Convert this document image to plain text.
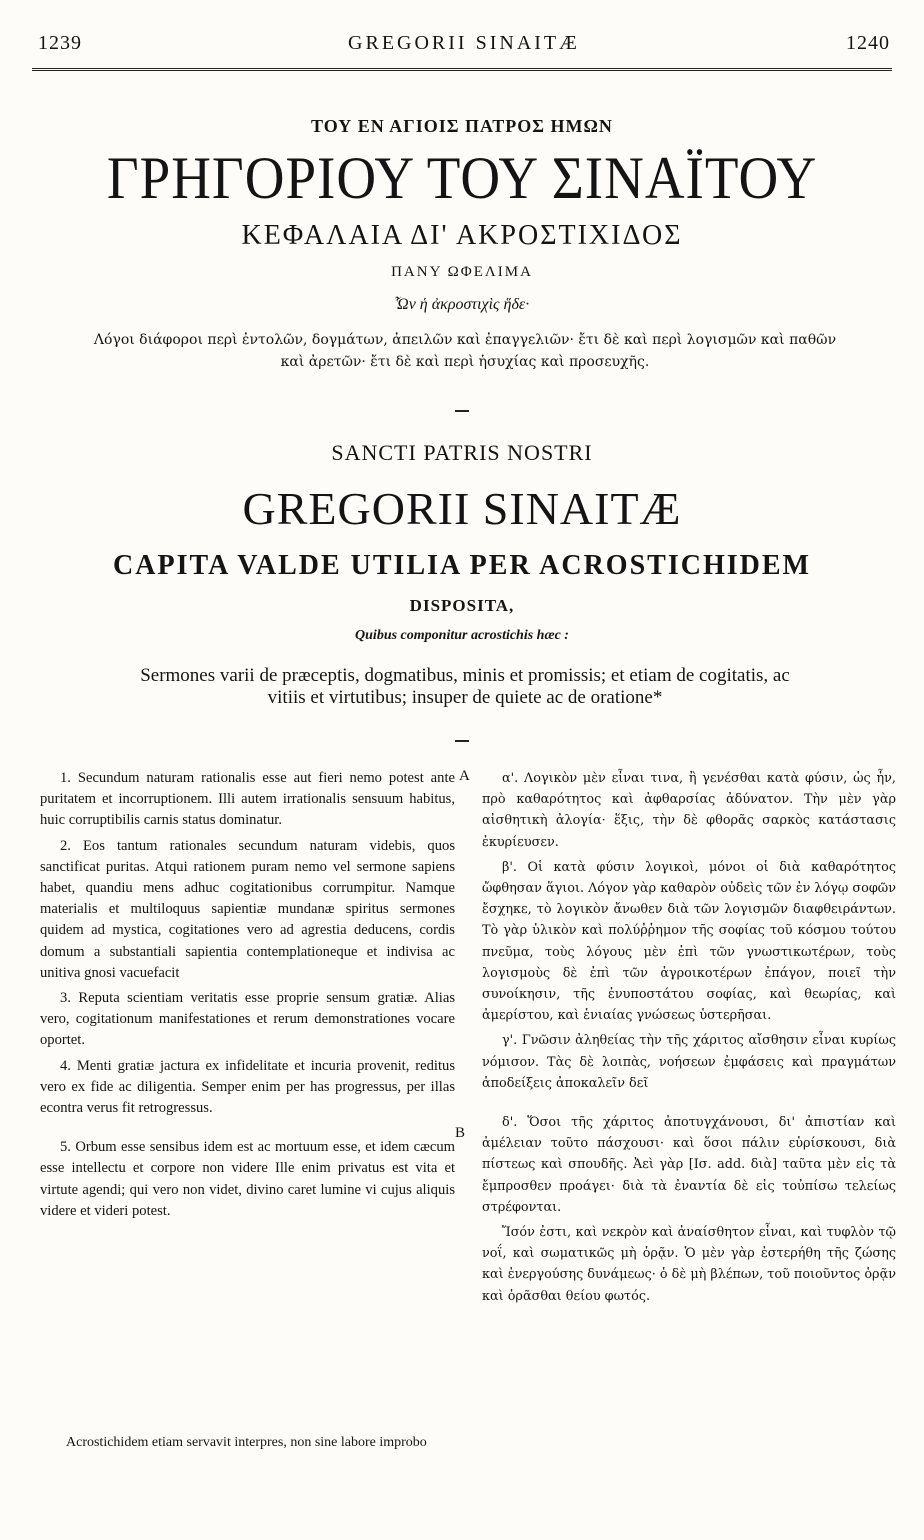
1239	GREGORII SINAITÆ	1240
ΤΟΥ ΕΝ ΑΓΙΟΙΣ ΠΑΤΡΟΣ ΗΜΩΝ
ΓΡΗΓΟΡΙΟΥ ΤΟΥ ΣΙΝΑΪΤΟΥ
ΚΕΦΑΛΑΙΑ ΔΙ' ΑΚΡΟΣΤΙΧΙΔΟΣ
ΠΑΝΥ ΩΦΕΛΙΜΑ
Ὧν ἡ ἀκροστιχὶς ἥδε·
Λόγοι διάφοροι περὶ ἐντολῶν, δογμάτων, ἀπειλῶν καὶ ἐπαγγελιῶν· ἔτι δὲ καὶ περὶ λογισμῶν καὶ παθῶν
καὶ ἀρετῶν· ἔτι δὲ καὶ περὶ ἡσυχίας καὶ προσευχῆς.
SANCTI PATRIS NOSTRI
GREGORII SINAITÆ
CAPITA VALDE UTILIA PER ACROSTICHIDEM
DISPOSITA,
Quibus componitur acrostichis hæc :
Sermones varii de præceptis, dogmatibus, minis et promissis; et etiam de cogitatis, ac
vitiis et virtutibus; insuper de quiete ac de oratione*

1. Secundum naturam rationalis esse aut fieri nemo potest ante puritatem et incorruptionem. Illi autem irrationalis sensuum habitus, huic corruptibilis carnis status dominatur.

2. Eos tantum rationales secundum naturam videbis, quos sanctificat puritas. Atqui rationem puram nemo vel sermone sapiens habet, quandiu mens adhuc cogitationibus corrumpitur. Namque materialis et multiloquus sapientiæ mundanæ spiritus sermones quidem ad mystica, cogitationes vero ad agrestia deducens, cordis domum a substantiali sapientia contemplationeque et indivisa ac unitiva gnosi vacuefacit

3. Reputa scientiam veritatis esse proprie sensum gratiæ. Alias vero, cogitationum manifestationes et rerum demonstrationes vocare oportet.

4. Menti gratiæ jactura ex infidelitate et incuria provenit, reditus vero ex fide ac diligentia. Semper enim per has progressus, per illas econtra verus fit retrogressus.

5. Orbum esse sensibus idem est ac mortuum esse, et idem cæcum esse intellectu et corpore non videre Ille enim privatus est vita et virtute agendi; qui vero non videt, divino caret lumine vi cujus aliquis videre et videri potest.

A
B

α'. Λογικὸν μὲν εἶναι τινα, ἢ γενέσθαι κατὰ φύσιν, ὡς ἦν, πρὸ καθαρότητος καὶ ἀφθαρσίας ἀδύνατον. Τὴν μὲν γὰρ αἰσθητικὴ ἀλογία· ἕξις, τὴν δὲ φθορᾶς σαρκὸς κατάστασις ἐκυρίευσεν.

β'. Οἱ κατὰ φύσιν λογικοὶ, μόνοι οἱ διὰ καθαρότητος ὤφθησαν ἅγιοι. Λόγον γὰρ καθαρὸν οὐδεὶς τῶν ἐν λόγῳ σοφῶν ἔσχηκε, τὸ λογικὸν ἄνωθεν διὰ τῶν λογισμῶν διαφθειράντων. Τὸ γὰρ ὑλικὸν καὶ πολύῤῥημον τῆς σοφίας τοῦ κόσμου τούτου πνεῦμα, τοὺς λόγους μὲν ἐπὶ τῶν γνωστικωτέρων, τοὺς λογισμοὺς δὲ ἐπὶ τῶν ἀγροικοτέρων ἐπάγον, ποιεῖ τὴν συνοίκησιν, τῆς ἐνυποστάτου σοφίας, καὶ θεωρίας, καὶ ἀμερίστου, καὶ ἑνιαίας γνώσεως ὑστερῆσαι.

γ'. Γνῶσιν ἀληθείας τὴν τῆς χάριτος αἴσθησιν εἶναι κυρίως νόμισον. Τὰς δὲ λοιπὰς, νοήσεων ἐμφάσεις καὶ πραγμάτων ἀποδείξεις ἀποκαλεῖν δεῖ

δ'. Ὅσοι τῆς χάριτος ἀποτυγχάνουσι, δι' ἀπιστίαν καὶ ἀμέλειαν τοῦτο πάσχουσι· καὶ ὅσοι πάλιν εὑρίσκουσι, διὰ πίστεως καὶ σπουδῆς. Ἀεὶ γὰρ [Ισ. add. διὰ] ταῦτα μὲν εἰς τὰ ἔμπροσθεν προάγει· διὰ τὰ ἐναντία δὲ εἰς τοὐπίσω τελείως στρέφονται.

Ἴσόν ἐστι, καὶ νεκρὸν καὶ ἀναίσθητον εἶναι, καὶ τυφλὸν τῷ νοΐ, καὶ σωματικῶς μὴ ὁρᾷν. Ὁ μὲν γὰρ ἐστερήθη τῆς ζώσης καὶ ἐνεργούσης δυνάμεως· ὁ δὲ μὴ βλέπων, τοῦ ποιοῦντος ὁρᾷν καὶ ὁρᾶσθαι θείου φωτός.

Acrostichidem etiam servavit interpres, non sine labore improbo
